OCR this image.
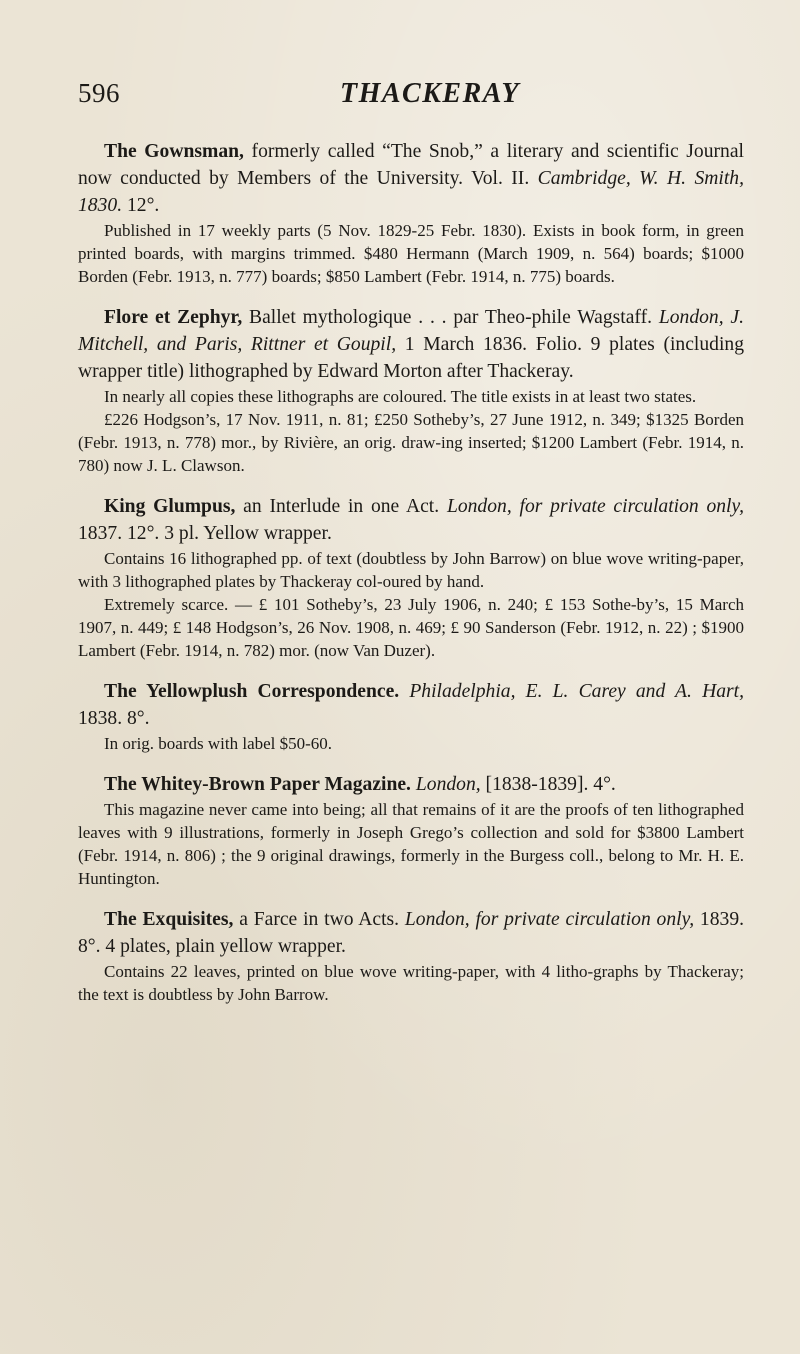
596	THACKERAY

The Gownsman, formerly called “The Snob,” a literary and scientific Journal now conducted by Members of the University. Vol. II. Cambridge, W. H. Smith, 1830. 12°.

Published in 17 weekly parts (5 Nov. 1829-25 Febr. 1830). Exists in book form, in green printed boards, with margins trimmed. $480 Hermann (March 1909, n. 564) boards; $1000 Borden (Febr. 1913, n. 777) boards; $850 Lambert (Febr. 1914, n. 775) boards.

Flore et Zephyr, Ballet mythologique . . . par Theo-phile Wagstaff. London, J. Mitchell, and Paris, Rittner et Goupil, 1 March 1836. Folio. 9 plates (including wrapper title) lithographed by Edward Morton after Thackeray.

In nearly all copies these lithographs are coloured. The title exists in at least two states.

£226 Hodgson’s, 17 Nov. 1911, n. 81; £250 Sotheby’s, 27 June 1912, n. 349; $1325 Borden (Febr. 1913, n. 778) mor., by Rivière, an orig. draw-ing inserted; $1200 Lambert (Febr. 1914, n. 780) now J. L. Clawson.

King Glumpus, an Interlude in one Act. London, for private circulation only, 1837. 12°. 3 pl. Yellow wrapper.

Contains 16 lithographed pp. of text (doubtless by John Barrow) on blue wove writing-paper, with 3 lithographed plates by Thackeray col-oured by hand.

Extremely scarce. — £ 101 Sotheby’s, 23 July 1906, n. 240; £ 153 Sothe-by’s, 15 March 1907, n. 449; £ 148 Hodgson’s, 26 Nov. 1908, n. 469; £ 90 Sanderson (Febr. 1912, n. 22) ; $1900 Lambert (Febr. 1914, n. 782) mor. (now Van Duzer).

The Yellowplush Correspondence. Philadelphia, E. L. Carey and A. Hart, 1838. 8°.

In orig. boards with label $50-60.

The Whitey-Brown Paper Magazine. London, [1838-1839]. 4°.

This magazine never came into being; all that remains of it are the proofs of ten lithographed leaves with 9 illustrations, formerly in Joseph Grego’s collection and sold for $3800 Lambert (Febr. 1914, n. 806) ; the 9 original drawings, formerly in the Burgess coll., belong to Mr. H. E. Huntington.

The Exquisites, a Farce in two Acts. London, for private circulation only, 1839. 8°. 4 plates, plain yellow wrapper.

Contains 22 leaves, printed on blue wove writing-paper, with 4 litho-graphs by Thackeray; the text is doubtless by John Barrow.
